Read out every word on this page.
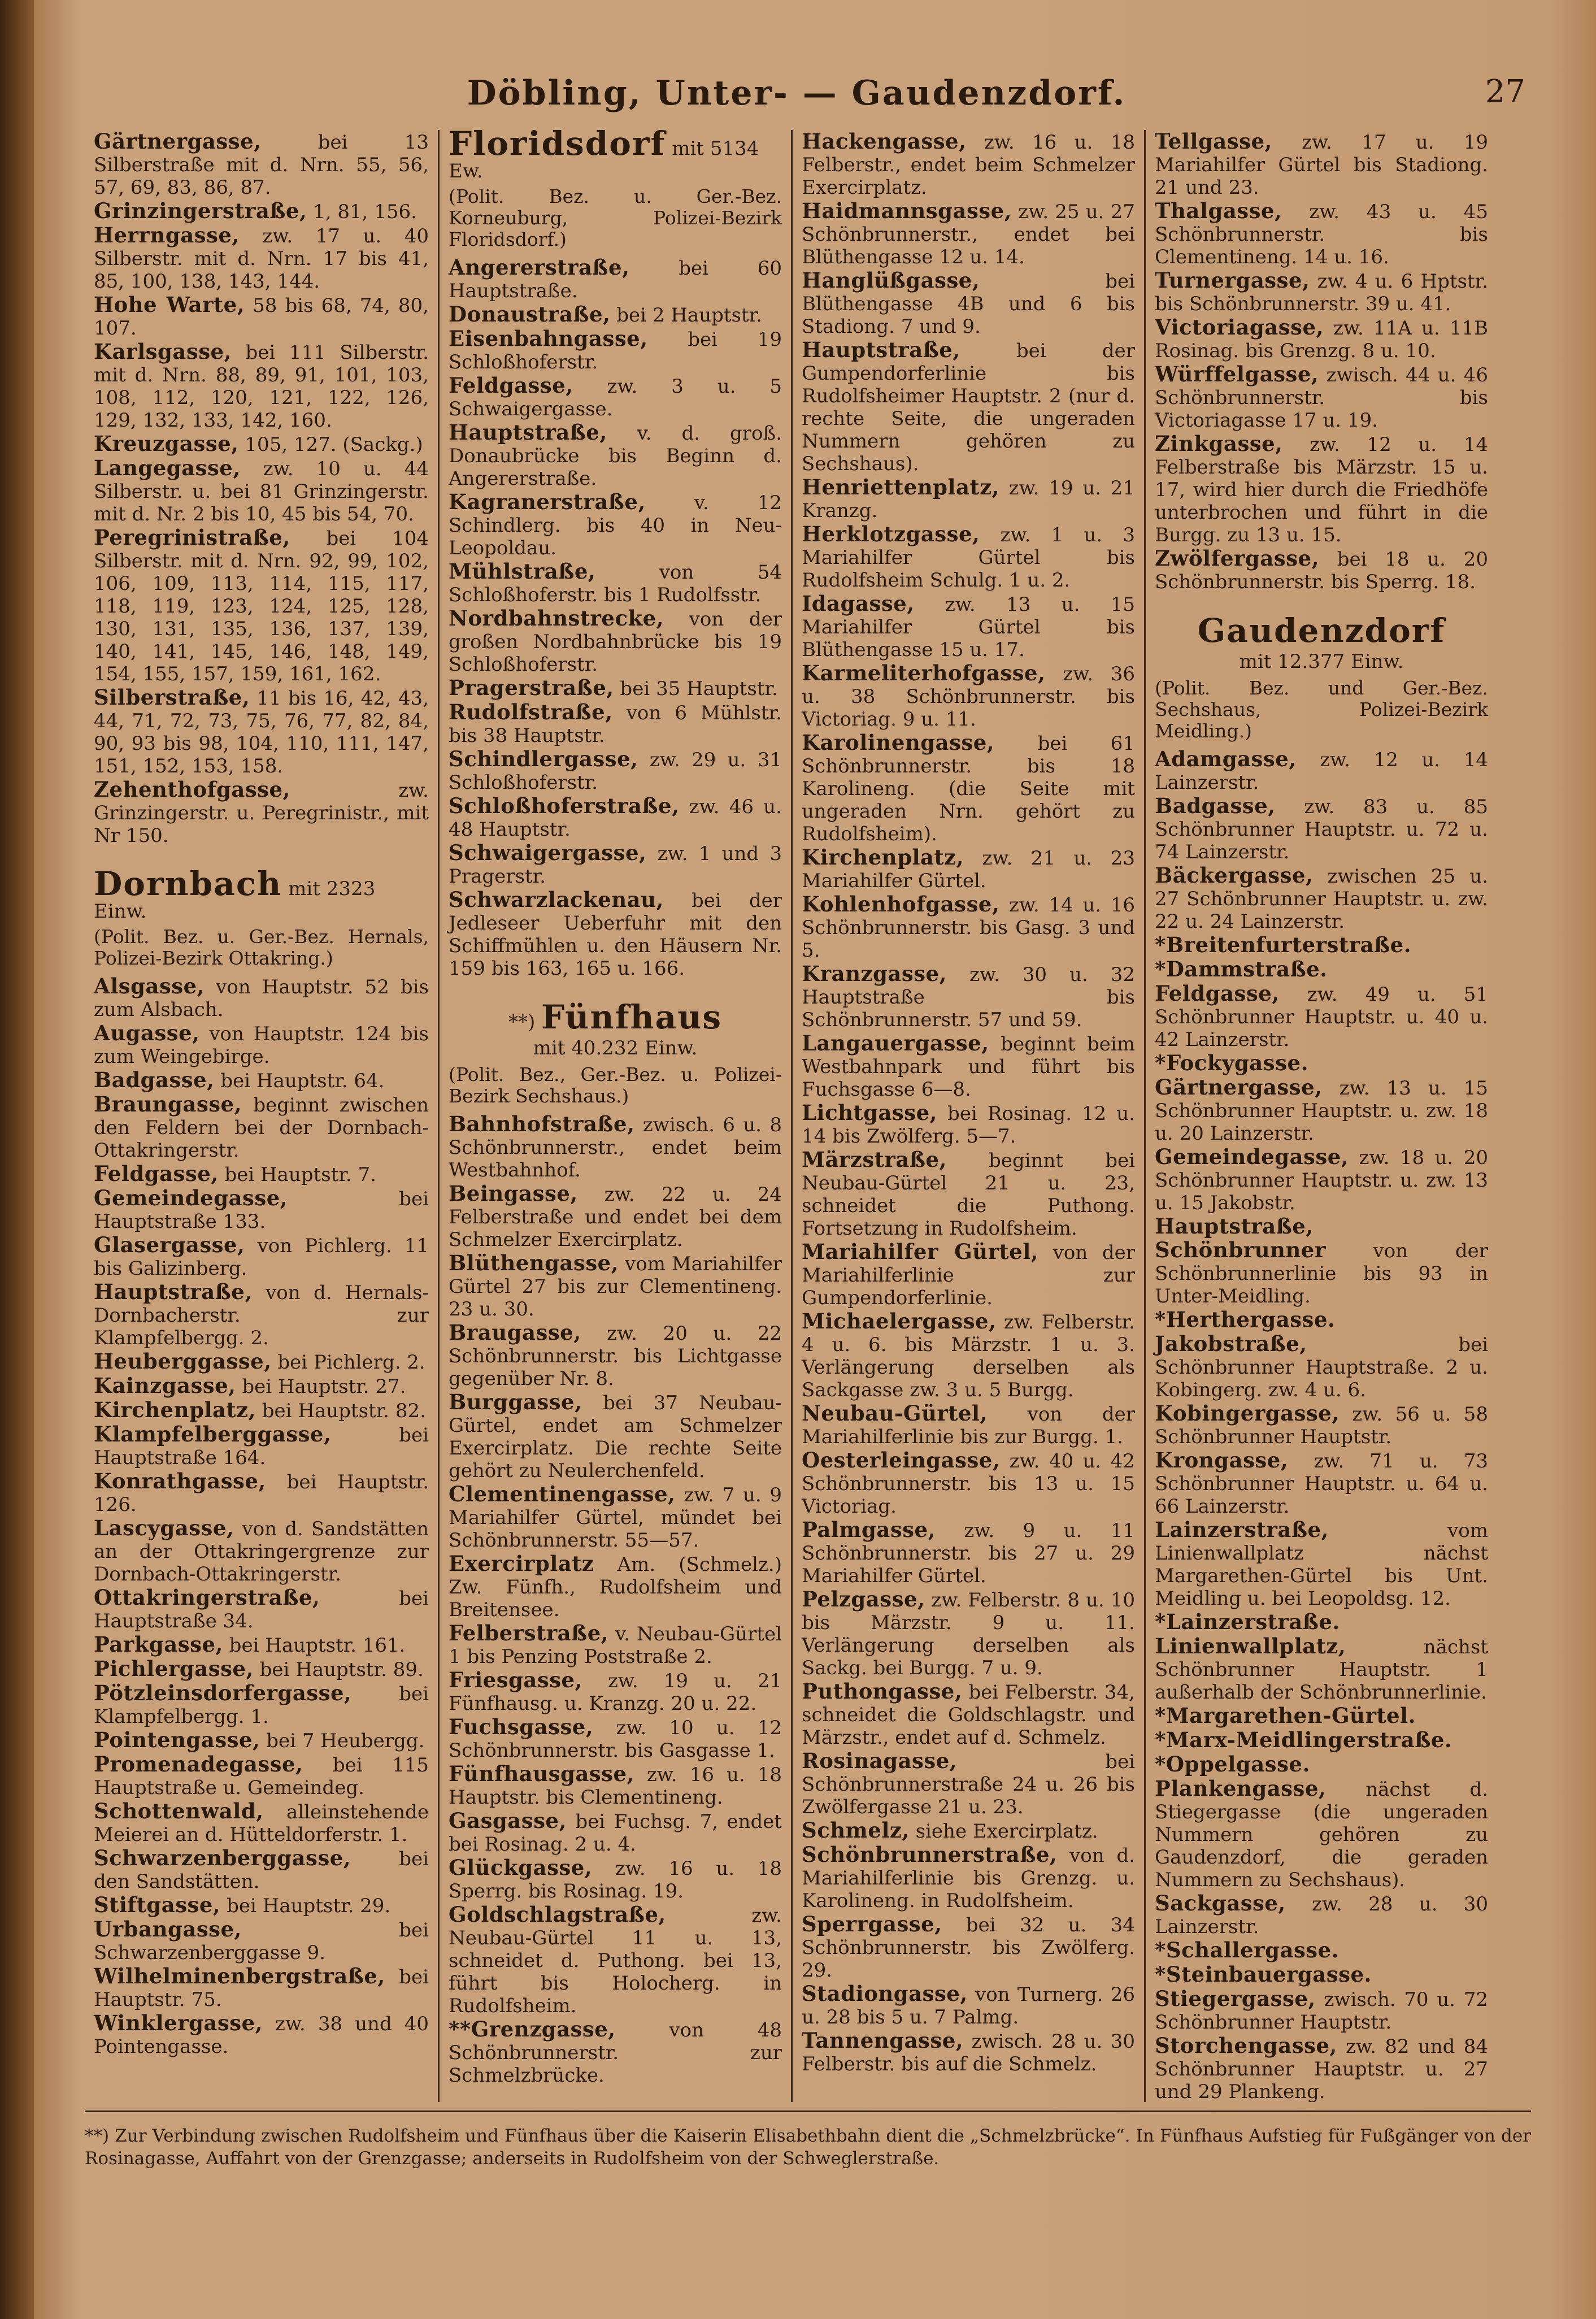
Döbling, Unter- — Gaudenzdorf.	27

Gärtnergasse, bei 13 Silberstraße mit d. Nrn. 55, 56, 57, 69, 83, 86, 87.

Grinzingerstraße, 1, 81, 156.

Herrngasse, zw. 17 u. 40 Silberstr. mit d. Nrn. 17 bis 41, 85, 100, 138, 143, 144.

Hohe Warte, 58 bis 68, 74, 80, 107.

Karlsgasse, bei 111 Silberstr. mit d. Nrn. 88, 89, 91, 101, 103, 108, 112, 120, 121, 122, 126, 129, 132, 133, 142, 160.

Kreuzgasse, 105, 127. (Sackg.)

Langegasse, zw. 10 u. 44 Silberstr. u. bei 81 Grinzingerstr. mit d. Nr. 2 bis 10, 45 bis 54, 70.

Peregrinistraße, bei 104 Silberstr. mit d. Nrn. 92, 99, 102, 106, 109, 113, 114, 115, 117, 118, 119, 123, 124, 125, 128, 130, 131, 135, 136, 137, 139, 140, 141, 145, 146, 148, 149, 154, 155, 157, 159, 161, 162.

Silberstraße, 11 bis 16, 42, 43, 44, 71, 72, 73, 75, 76, 77, 82, 84, 90, 93 bis 98, 104, 110, 111, 147, 151, 152, 153, 158.

Zehenthofgasse, zw. Grinzingerstr. u. Peregrinistr., mit Nr 150.

Dornbach mit 2323 Einw.
(Polit. Bez. u. Ger.-Bez. Hernals, Polizei-Bezirk Ottakring.)

Alsgasse, von Hauptstr. 52 bis zum Alsbach.

Augasse, von Hauptstr. 124 bis zum Weingebirge.

Badgasse, bei Hauptstr. 64.

Braungasse, beginnt zwischen den Feldern bei der Dornbach-Ottakringerstr.

Feldgasse, bei Hauptstr. 7.

Gemeindegasse, bei Hauptstraße 133.

Glasergasse, von Pichlerg. 11 bis Galizinberg.

Hauptstraße, von d. Hernals-Dornbacherstr. zur Klampfelbergg. 2.

Heuberggasse, bei Pichlerg. 2.

Kainzgasse, bei Hauptstr. 27.

Kirchenplatz, bei Hauptstr. 82.

Klampfelberggasse, bei Hauptstraße 164.

Konrathgasse, bei Hauptstr. 126.

Lascygasse, von d. Sandstätten an der Ottakringergrenze zur Dornbach-Ottakringerstr.

Ottakringerstraße, bei Hauptstraße 34.

Parkgasse, bei Hauptstr. 161.

Pichlergasse, bei Hauptstr. 89.

Pötzleinsdorfergasse, bei Klampfelbergg. 1.

Pointengasse, bei 7 Heubergg.

Promenadegasse, bei 115 Hauptstraße u. Gemeindeg.

Schottenwald, alleinstehende Meierei an d. Hütteldorferstr. 1.

Schwarzenberggasse, bei den Sandstätten.

Stiftgasse, bei Hauptstr. 29.

Urbangasse, bei Schwarzenberggasse 9.

Wilhelminenbergstraße, bei Hauptstr. 75.

Winklergasse, zw. 38 und 40 Pointengasse.

Floridsdorf mit 5134 Ew.
(Polit. Bez. u. Ger.-Bez. Korneuburg, Polizei-Bezirk Floridsdorf.)

Angererstraße, bei 60 Hauptstraße.

Donaustraße, bei 2 Hauptstr.

Eisenbahngasse, bei 19 Schloßhoferstr.

Feldgasse, zw. 3 u. 5 Schwaigergasse.

Hauptstraße, v. d. groß. Donaubrücke bis Beginn d. Angererstraße.

Kagranerstraße, v. 12 Schindlerg. bis 40 in Neu-Leopoldau.

Mühlstraße, von 54 Schloßhoferstr. bis 1 Rudolfsstr.

Nordbahnstrecke, von der großen Nordbahnbrücke bis 19 Schloßhoferstr.

Pragerstraße, bei 35 Hauptstr.

Rudolfstraße, von 6 Mühlstr. bis 38 Hauptstr.

Schindlergasse, zw. 29 u. 31 Schloßhoferstr.

Schloßhoferstraße, zw. 46 u. 48 Hauptstr.

Schwaigergasse, zw. 1 und 3 Pragerstr.

Schwarzlackenau, bei der Jedleseer Ueberfuhr mit den Schiffmühlen u. den Häusern Nr. 159 bis 163, 165 u. 166.

**) Fünfhaus
mit 40.232 Einw.
(Polit. Bez., Ger.-Bez. u. Polizei-Bezirk Sechshaus.)

Bahnhofstraße, zwisch. 6 u. 8 Schönbrunnerstr., endet beim Westbahnhof.

Beingasse, zw. 22 u. 24 Felberstraße und endet bei dem Schmelzer Exercirplatz.

Blüthengasse, vom Mariahilfer Gürtel 27 bis zur Clementineng. 23 u. 30.

Braugasse, zw. 20 u. 22 Schönbrunnerstr. bis Lichtgasse gegenüber Nr. 8.

Burggasse, bei 37 Neubau-Gürtel, endet am Schmelzer Exercirplatz. Die rechte Seite gehört zu Neulerchenfeld.

Clementinengasse, zw. 7 u. 9 Mariahilfer Gürtel, mündet bei Schönbrunnerstr. 55—57.

Exercirplatz Am. (Schmelz.) Zw. Fünfh., Rudolfsheim und Breitensee.

Felberstraße, v. Neubau-Gürtel 1 bis Penzing Poststraße 2.

Friesgasse, zw. 19 u. 21 Fünfhausg. u. Kranzg. 20 u. 22.

Fuchsgasse, zw. 10 u. 12 Schönbrunnerstr. bis Gasgasse 1.

Fünfhausgasse, zw. 16 u. 18 Hauptstr. bis Clementineng.

Gasgasse, bei Fuchsg. 7, endet bei Rosinag. 2 u. 4.

Glückgasse, zw. 16 u. 18 Sperrg. bis Rosinag. 19.

Goldschlagstraße, zw. Neubau-Gürtel 11 u. 13, schneidet d. Puthong. bei 13, führt bis Holocherg. in Rudolfsheim.

**Grenzgasse, von 48 Schönbrunnerstr. zur Schmelzbrücke.

Hackengasse, zw. 16 u. 18 Felberstr., endet beim Schmelzer Exercirplatz.

Haidmannsgasse, zw. 25 u. 27 Schönbrunnerstr., endet bei Blüthengasse 12 u. 14.

Hanglüßgasse, bei Blüthengasse 4B und 6 bis Stadiong. 7 und 9.

Hauptstraße, bei der Gumpendorferlinie bis Rudolfsheimer Hauptstr. 2 (nur d. rechte Seite, die ungeraden Nummern gehören zu Sechshaus).

Henriettenplatz, zw. 19 u. 21 Kranzg.

Herklotzgasse, zw. 1 u. 3 Mariahilfer Gürtel bis Rudolfsheim Schulg. 1 u. 2.

Idagasse, zw. 13 u. 15 Mariahilfer Gürtel bis Blüthengasse 15 u. 17.

Karmeliterhofgasse, zw. 36 u. 38 Schönbrunnerstr. bis Victoriag. 9 u. 11.

Karolinengasse, bei 61 Schönbrunnerstr. bis 18 Karolineng. (die Seite mit ungeraden Nrn. gehört zu Rudolfsheim).

Kirchenplatz, zw. 21 u. 23 Mariahilfer Gürtel.

Kohlenhofgasse, zw. 14 u. 16 Schönbrunnerstr. bis Gasg. 3 und 5.

Kranzgasse, zw. 30 u. 32 Hauptstraße bis Schönbrunnerstr. 57 und 59.

Langauergasse, beginnt beim Westbahnpark und führt bis Fuchsgasse 6—8.

Lichtgasse, bei Rosinag. 12 u. 14 bis Zwölferg. 5—7.

Märzstraße, beginnt bei Neubau-Gürtel 21 u. 23, schneidet die Puthong. Fortsetzung in Rudolfsheim.

Mariahilfer Gürtel, von der Mariahilferlinie zur Gumpendorferlinie.

Michaelergasse, zw. Felberstr. 4 u. 6. bis Märzstr. 1 u. 3. Verlängerung derselben als Sackgasse zw. 3 u. 5 Burgg.

Neubau-Gürtel, von der Mariahilferlinie bis zur Burgg. 1.

Oesterleingasse, zw. 40 u. 42 Schönbrunnerstr. bis 13 u. 15 Victoriag.

Palmgasse, zw. 9 u. 11 Schönbrunnerstr. bis 27 u. 29 Mariahilfer Gürtel.

Pelzgasse, zw. Felberstr. 8 u. 10 bis Märzstr. 9 u. 11. Verlängerung derselben als Sackg. bei Burgg. 7 u. 9.

Puthongasse, bei Felberstr. 34, schneidet die Goldschlagstr. und Märzstr., endet auf d. Schmelz.

Rosinagasse, bei Schönbrunnerstraße 24 u. 26 bis Zwölfergasse 21 u. 23.

Schmelz, siehe Exercirplatz.

Schönbrunnerstraße, von d. Mariahilferlinie bis Grenzg. u. Karolineng. in Rudolfsheim.

Sperrgasse, bei 32 u. 34 Schönbrunnerstr. bis Zwölferg. 29.

Stadiongasse, von Turnerg. 26 u. 28 bis 5 u. 7 Palmg.

Tannengasse, zwisch. 28 u. 30 Felberstr. bis auf die Schmelz.

Tellgasse, zw. 17 u. 19 Mariahilfer Gürtel bis Stadiong. 21 und 23.

Thalgasse, zw. 43 u. 45 Schönbrunnerstr. bis Clementineng. 14 u. 16.

Turnergasse, zw. 4 u. 6 Hptstr. bis Schönbrunnerstr. 39 u. 41.

Victoriagasse, zw. 11A u. 11B Rosinag. bis Grenzg. 8 u. 10.

Würffelgasse, zwisch. 44 u. 46 Schönbrunnerstr. bis Victoriagasse 17 u. 19.

Zinkgasse, zw. 12 u. 14 Felberstraße bis Märzstr. 15 u. 17, wird hier durch die Friedhöfe unterbrochen und führt in die Burgg. zu 13 u. 15.

Zwölfergasse, bei 18 u. 20 Schönbrunnerstr. bis Sperrg. 18.

Gaudenzdorf
mit 12.377 Einw.
(Polit. Bez. und Ger.-Bez. Sechshaus, Polizei-Bezirk Meidling.)

Adamgasse, zw. 12 u. 14 Lainzerstr.

Badgasse, zw. 83 u. 85 Schönbrunner Hauptstr. u. 72 u. 74 Lainzerstr.

Bäckergasse, zwischen 25 u. 27 Schönbrunner Hauptstr. u. zw. 22 u. 24 Lainzerstr.

*Breitenfurterstraße.

*Dammstraße.

Feldgasse, zw. 49 u. 51 Schönbrunner Hauptstr. u. 40 u. 42 Lainzerstr.

*Fockygasse.

Gärtnergasse, zw. 13 u. 15 Schönbrunner Hauptstr. u. zw. 18 u. 20 Lainzerstr.

Gemeindegasse, zw. 18 u. 20 Schönbrunner Hauptstr. u. zw. 13 u. 15 Jakobstr.

Hauptstraße, Schönbrunner von der Schönbrunnerlinie bis 93 in Unter-Meidling.

*Herthergasse.

Jakobstraße, bei Schönbrunner Hauptstraße. 2 u. Kobingerg. zw. 4 u. 6.

Kobingergasse, zw. 56 u. 58 Schönbrunner Hauptstr.

Krongasse, zw. 71 u. 73 Schönbrunner Hauptstr. u. 64 u. 66 Lainzerstr.

Lainzerstraße, vom Linienwallplatz nächst Margarethen-Gürtel bis Unt. Meidling u. bei Leopoldsg. 12.

*Lainzerstraße.

Linienwallplatz, nächst Schönbrunner Hauptstr. 1 außerhalb der Schönbrunnerlinie.

*Margarethen-Gürtel.

*Marx-Meidlingerstraße.

*Oppelgasse.

Plankengasse, nächst d. Stiegergasse (die ungeraden Nummern gehören zu Gaudenzdorf, die geraden Nummern zu Sechshaus).

Sackgasse, zw. 28 u. 30 Lainzerstr.

*Schallergasse.

*Steinbauergasse.

Stiegergasse, zwisch. 70 u. 72 Schönbrunner Hauptstr.

Storchengasse, zw. 82 und 84 Schönbrunner Hauptstr. u. 27 und 29 Plankeng.

**) Zur Verbindung zwischen Rudolfsheim und Fünfhaus über die Kaiserin Elisabethbahn dient die „Schmelzbrücke“. In Fünfhaus Aufstieg für Fußgänger von der Rosinagasse, Auffahrt von der Grenzgasse; anderseits in Rudolfsheim von der Schweglerstraße.
